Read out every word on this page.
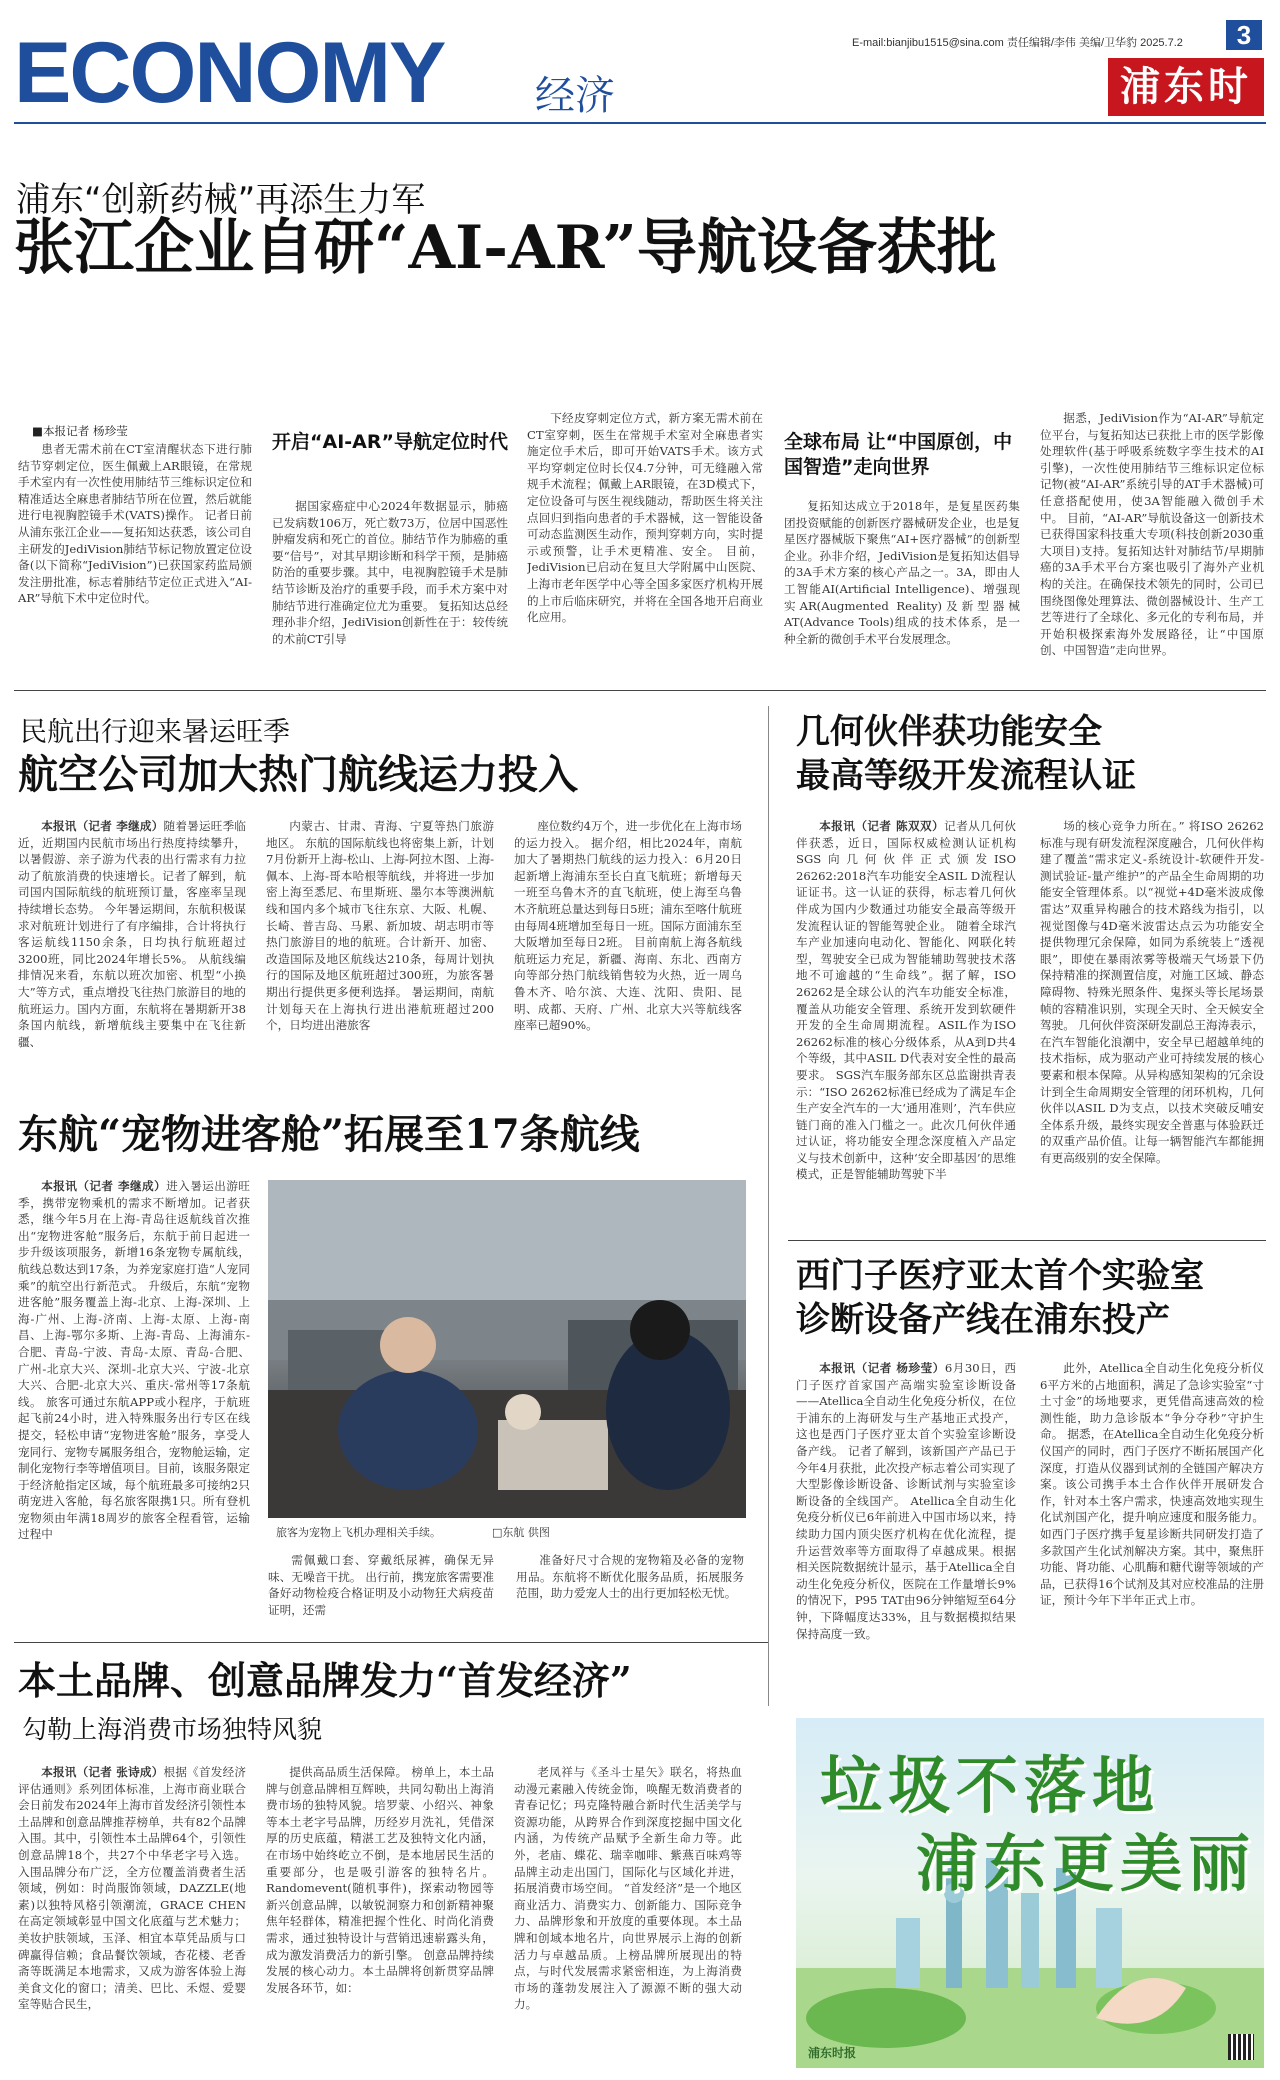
ECONOMY 经济
E-mail:bianjibu1515@sina.com 责任编辑/李伟 美编/卫华豹 2025.7.2	3
浦东时报
浦东“创新药械”再添生力军
张江企业自研“AI-AR”导航设备获批
■本报记者 杨珍莹

患者无需术前在CT室清醒状态下进行肺结节穿刺定位，医生佩戴上AR眼镜，在常规手术室内有一次性使用肺结节三维标识定位和精准适达全麻患者肺结节所在位置，然后就能进行电视胸腔镜手术(VATS)操作。 记者日前从浦东张江企业——复拓知达获悉，该公司自主研发的JediVision肺结节标记物放置定位设备(以下简称“JediVision”)已获国家药监局颁发注册批准，标志着肺结节定位正式进入“AI-AR”导航下术中定位时代。

开启“AI-AR”导航定位时代

据国家癌症中心2024年数据显示，肺癌已发病数106万，死亡数73万，位居中国恶性肿瘤发病和死亡的首位。肺结节作为肺癌的重要“信号”，对其早期诊断和科学干预，是肺癌防治的重要步骤。其中，电视胸腔镜手术是肺结节诊断及治疗的重要手段，而手术方案中对肺结节进行准确定位尤为重要。 复拓知达总经理孙非介绍，JediVision创新性在于：较传统的术前CT引导

下经皮穿刺定位方式，新方案无需术前在CT室穿刺，医生在常规手术室对全麻患者实施定位手术后，即可开始VATS手术。该方式平均穿刺定位时长仅4.7分钟，可无缝融入常规手术流程；佩戴上AR眼镜，在3D模式下，定位设备可与医生视线随动，帮助医生将关注点回归到指向患者的手术器械，这一智能设备可动态监测医生动作，预判穿刺方向，实时提示或预警，让手术更精准、安全。 目前，JediVision已启动在复旦大学附属中山医院、上海市老年医学中心等全国多家医疗机构开展的上市后临床研究，并将在全国各地开启商业化应用。

全球布局 让“中国原创，中国智造”走向世界

复拓知达成立于2018年，是复星医药集团投资赋能的创新医疗器械研发企业，也是复星医疗器械版下聚焦“AI+医疗器械”的创新型企业。孙非介绍，JediVision是复拓知达倡导的3A手术方案的核心产品之一。3A，即由人工智能AI(Artificial Intelligence)、增强现实AR(Augmented Reality)及新型器械AT(Advance Tools)组成的技术体系，是一种全新的微创手术平台发展理念。

据悉，JediVision作为“AI-AR”导航定位平台，与复拓知达已获批上市的医学影像处理软件(基于呼吸系统数字孪生技术的AI引擎)，一次性使用肺结节三维标识定位标记物(被“AI-AR”系统引导的AT手术器械)可任意搭配使用，使3A智能融入微创手术中。 目前，“AI-AR”导航设备这一创新技术已获得国家科技重大专项(科技创新2030重大项目)支持。复拓知达针对肺结节/早期肺癌的3A手术平台方案也吸引了海外产业机构的关注。在确保技术领先的同时，公司已围绕图像处理算法、微创器械设计、生产工艺等进行了全球化、多元化的专利布局，并开始积极探索海外发展路径，让“中国原创、中国智造”走向世界。

民航出行迎来暑运旺季
航空公司加大热门航线运力投入

本报讯（记者 李继成）随着暑运旺季临近，近期国内民航市场出行热度持续攀升，以暑假游、亲子游为代表的出行需求有力拉动了航旅消费的快速增长。记者了解到，航司国内国际航线的航班预订量，客座率呈现持续增长态势。 今年暑运期间，东航积极谋求对航班计划进行了有序编排，合计将执行客运航线1150余条，日均执行航班超过3200班，同比2024年增长5%。 从航线编排情况来看，东航以班次加密、机型“小换大”等方式，重点增投飞往热门旅游目的地的航班运力。国内方面，东航将在暑期新开38条国内航线，新增航线主要集中在飞往新疆、

内蒙古、甘肃、青海、宁夏等热门旅游地区。 东航的国际航线也将密集上新，计划7月份新开上海-松山、上海-阿拉木图、上海-佩本、上海-哥本哈根等航线，并将进一步加密上海至悉尼、布里斯班、墨尔本等澳洲航线和国内多个城市飞往东京、大阪、札幌、长崎、普吉岛、马累、新加坡、胡志明市等热门旅游目的地的航班。合计新开、加密、改造国际及地区航线达210条，每周计划执行的国际及地区航班超过300班，为旅客暑期出行提供更多便利选择。 暑运期间，南航计划每天在上海执行进出港航班超过200个，日均进出港旅客

座位数约4万个，进一步优化在上海市场的运力投入。 据介绍，相比2024年，南航加大了暑期热门航线的运力投入：6月20日起新增上海浦东至长白直飞航班；新增每天一班至乌鲁木齐的直飞航班，使上海至乌鲁木齐航班总量达到每日5班；浦东至喀什航班由每周4班增加至每日一班。国际方面浦东至大阪增加至每日2班。 目前南航上海各航线航班运力充足，新疆、海南、东北、西南方向等部分热门航线销售较为火热，近一周乌鲁木齐、哈尔滨、大连、沈阳、贵阳、昆明、成都、天府、广州、北京大兴等航线客座率已超90%。

东航“宠物进客舱”拓展至17条航线

本报讯（记者 李继成）进入暑运出游旺季，携带宠物乘机的需求不断增加。记者获悉，继今年5月在上海-青岛往返航线首次推出“宠物进客舱”服务后，东航于前日起进一步升级该项服务，新增16条宠物专属航线，航线总数达到17条，为养宠家庭打造“人宠同乘”的航空出行新范式。 升级后，东航“宠物进客舱”服务覆盖上海-北京、上海-深圳、上海-广州、上海-济南、上海-太原、上海-南昌、上海-鄂尔多斯、上海-青岛、上海浦东-合肥、青岛-宁波、青岛-太原、青岛-合肥、广州-北京大兴、深圳-北京大兴、宁波-北京大兴、合肥-北京大兴、重庆-常州等17条航线。 旅客可通过东航APP或小程序，于航班起飞前24小时，进入特殊服务出行专区在线提交，轻松申请“宠物进客舱”服务，享受人宠同行、宠物专属服务组合，宠物舱运输，定制化宠物行李等增值项目。目前，该服务限定于经济舱指定区域，每个航班最多可接纳2只萌宠进入客舱，每名旅客限携1只。所有登机宠物须由年满18周岁的旅客全程看管，运输过程中	旅客为宠物上飞机办理相关手续。	□东航 供图

需佩戴口套、穿戴纸尿裤，确保无异味、无噪音干扰。 出行前，携宠旅客需要准备好动物检疫合格证明及小动物狂犬病疫苗证明，还需

准备好尺寸合规的宠物箱及必备的宠物用品。东航将不断优化服务品质，拓展服务范围，助力爱宠人士的出行更加轻松无忧。

几何伙伴获功能安全
最高等级开发流程认证

本报讯（记者 陈双双）记者从几何伙伴获悉，近日，国际权威检测认证机构SGS向几何伙伴正式颁发ISO 26262:2018汽车功能安全ASIL D流程认证证书。这一认证的获得，标志着几何伙伴成为国内少数通过功能安全最高等级开发流程认证的智能驾驶企业。 随着全球汽车产业加速向电动化、智能化、网联化转型，驾驶安全已成为智能辅助驾驶技术落地不可逾越的“生命线”。据了解，ISO 26262是全球公认的汽车功能安全标准，覆盖从功能安全管理、系统开发到软硬件开发的全生命周期流程。ASIL作为ISO 26262标准的核心分级体系，从A到D共4个等级，其中ASIL D代表对安全性的最高要求。 SGS汽车服务部东区总监谢拱青表示：“ISO 26262标准已经成为了满足车企生产安全汽车的一大‘通用准则’，汽车供应链门商的准入门槛之一。此次几何伙伴通过认证，将功能安全理念深度植入产品定义与技术创新中，这种‘安全即基因’的思维模式，正是智能辅助驾驶下半

场的核心竞争力所在。” 将ISO 26262标准与现有研发流程深度融合，几何伙伴构建了覆盖“需求定义-系统设计-软硬件开发-测试验证-量产维护”的产品全生命周期的功能安全管理体系。以“视觉+4D毫米波成像雷达”双重异构融合的技术路线为指引，以视觉图像与4D毫米波雷达点云为功能安全提供物理冗余保障，如同为系统装上“透视眼”，即使在暴雨浓雾等极端天气场景下仍保持精准的探测置信度，对施工区域、静态障碍物、特殊光照条件、鬼探头等长尾场景帧的容精准识别，实现全天时、全天候安全驾驶。 几何伙伴资深研发副总王海涛表示，在汽车智能化浪潮中，安全早已超越单纯的技术指标，成为驱动产业可持续发展的核心要素和根本保障。从异构感知架构的冗余设计到全生命周期安全管理的闭环机构，几何伙伴以ASIL D为支点，以技术突破反哺安全体系升级，最终实现安全普惠与体验跃迁的双重产品价值。让每一辆智能汽车都能拥有更高级别的安全保障。

西门子医疗亚太首个实验室
诊断设备产线在浦东投产

本报讯（记者 杨珍莹）6月30日，西门子医疗首家国产高端实验室诊断设备——Atellica全自动生化免疫分析仪，在位于浦东的上海研发与生产基地正式投产，这也是西门子医疗亚太首个实验室诊断设备产线。 记者了解到，该新国产产品已于今年4月获批，此次投产标志着公司实现了大型影像诊断设备、诊断试剂与实验室诊断设备的全线国产。 Atellica全自动生化免疫分析仪已6年前进入中国市场以来，持续助力国内顶尖医疗机构在优化流程，提升运营效率等方面取得了卓越成果。根据相关医院数据统计显示，基于Atellica全自动生化免疫分析仪，医院在工作量增长9%的情况下，P95 TAT由96分钟缩短至64分钟，下降幅度达33%，且与数据模拟结果保持高度一致。

此外，Atellica全自动生化免疫分析仪6平方米的占地面积，满足了急诊实验室“寸土寸金”的场地要求，更凭借高速高效的检测性能，助力急诊版本“争分夺秒”守护生命。 据悉，在Atellica全自动生化免疫分析仪国产的同时，西门子医疗不断拓展国产化深度，打造从仪器到试剂的全链国产解决方案。该公司携手本土合作伙伴开展研发合作，针对本土客户需求，快速高效地实现生化试剂国产化，提升响应速度和服务能力。 如西门子医疗携手复星诊断共同研发打造了多款国产生化试剂解决方案。其中，聚焦肝功能、肾功能、心肌酶和糖代谢等领域的产品，已获得16个试剂及其对应校准品的注册证，预计今年下半年正式上市。

本土品牌、创意品牌发力“首发经济”
勾勒上海消费市场独特风貌

本报讯（记者 张诗成）根据《首发经济评估通则》系列团体标准，上海市商业联合会日前发布2024年上海市首发经济引领性本土品牌和创意品牌推荐榜单，共有82个品牌入围。其中，引领性本土品牌64个，引领性创意品牌18个，共27个中华老字号入选。 入围品牌分布广泛，全方位覆盖消费者生活领域，例如：时尚服饰领域，DAZZLE(地素)以独特风格引领潮流，GRACE CHEN在高定领域彰显中国文化底蕴与艺术魅力；美妆护肤领域，玉泽、相宜本草凭品质与口碑赢得信赖；食品餐饮领域，杏花楼、老香斋等既满足本地需求，又成为游客体验上海美食文化的窗口；清美、巴比、禾煜、爱婴室等贴合民生，

提供高品质生活保障。 榜单上，本土品牌与创意品牌相互辉映，共同勾勒出上海消费市场的独特风貌。培罗蒙、小绍兴、神象等本土老字号品牌，历经岁月洗礼，凭借深厚的历史底蕴，精湛工艺及独特文化内涵，在市场中始终屹立不倒，是本地居民生活的重要部分，也是吸引游客的独特名片。Randomevent(随机事件)，探索动物园等新兴创意品牌，以敏锐洞察力和创新精神聚焦年轻群体，精准把握个性化、时尚化消费需求，通过独特设计与营销迅速崭露头角，成为激发消费活力的新引擎。 创意品牌持续发展的核心动力。本土品牌将创新贯穿品牌发展各环节，如：

老凤祥与《圣斗士星矢》联名，将热血动漫元素融入传统金饰，唤醒无数消费者的青春记忆；玛克隆特融合新时代生活美学与资源功能，从跨界合作到深度挖掘中国文化内涵，为传统产品赋予全新生命力等。此外，老庙、蝶花、瑞幸咖啡、紫燕百味鸡等品牌主动走出国门，国际化与区域化并进，拓展消费市场空间。 “首发经济”是一个地区商业活力、消费实力、创新能力、国际竞争力、品牌形象和开放度的重要体现。本土品牌和创域本地名片，向世界展示上海的创新活力与卓越品质。上榜品牌所展现出的特点，与时代发展需求紧密相连，为上海消费市场的蓬勃发展注入了源源不断的强大动力。

垃圾不落地
浦东更美丽
浦东时报
